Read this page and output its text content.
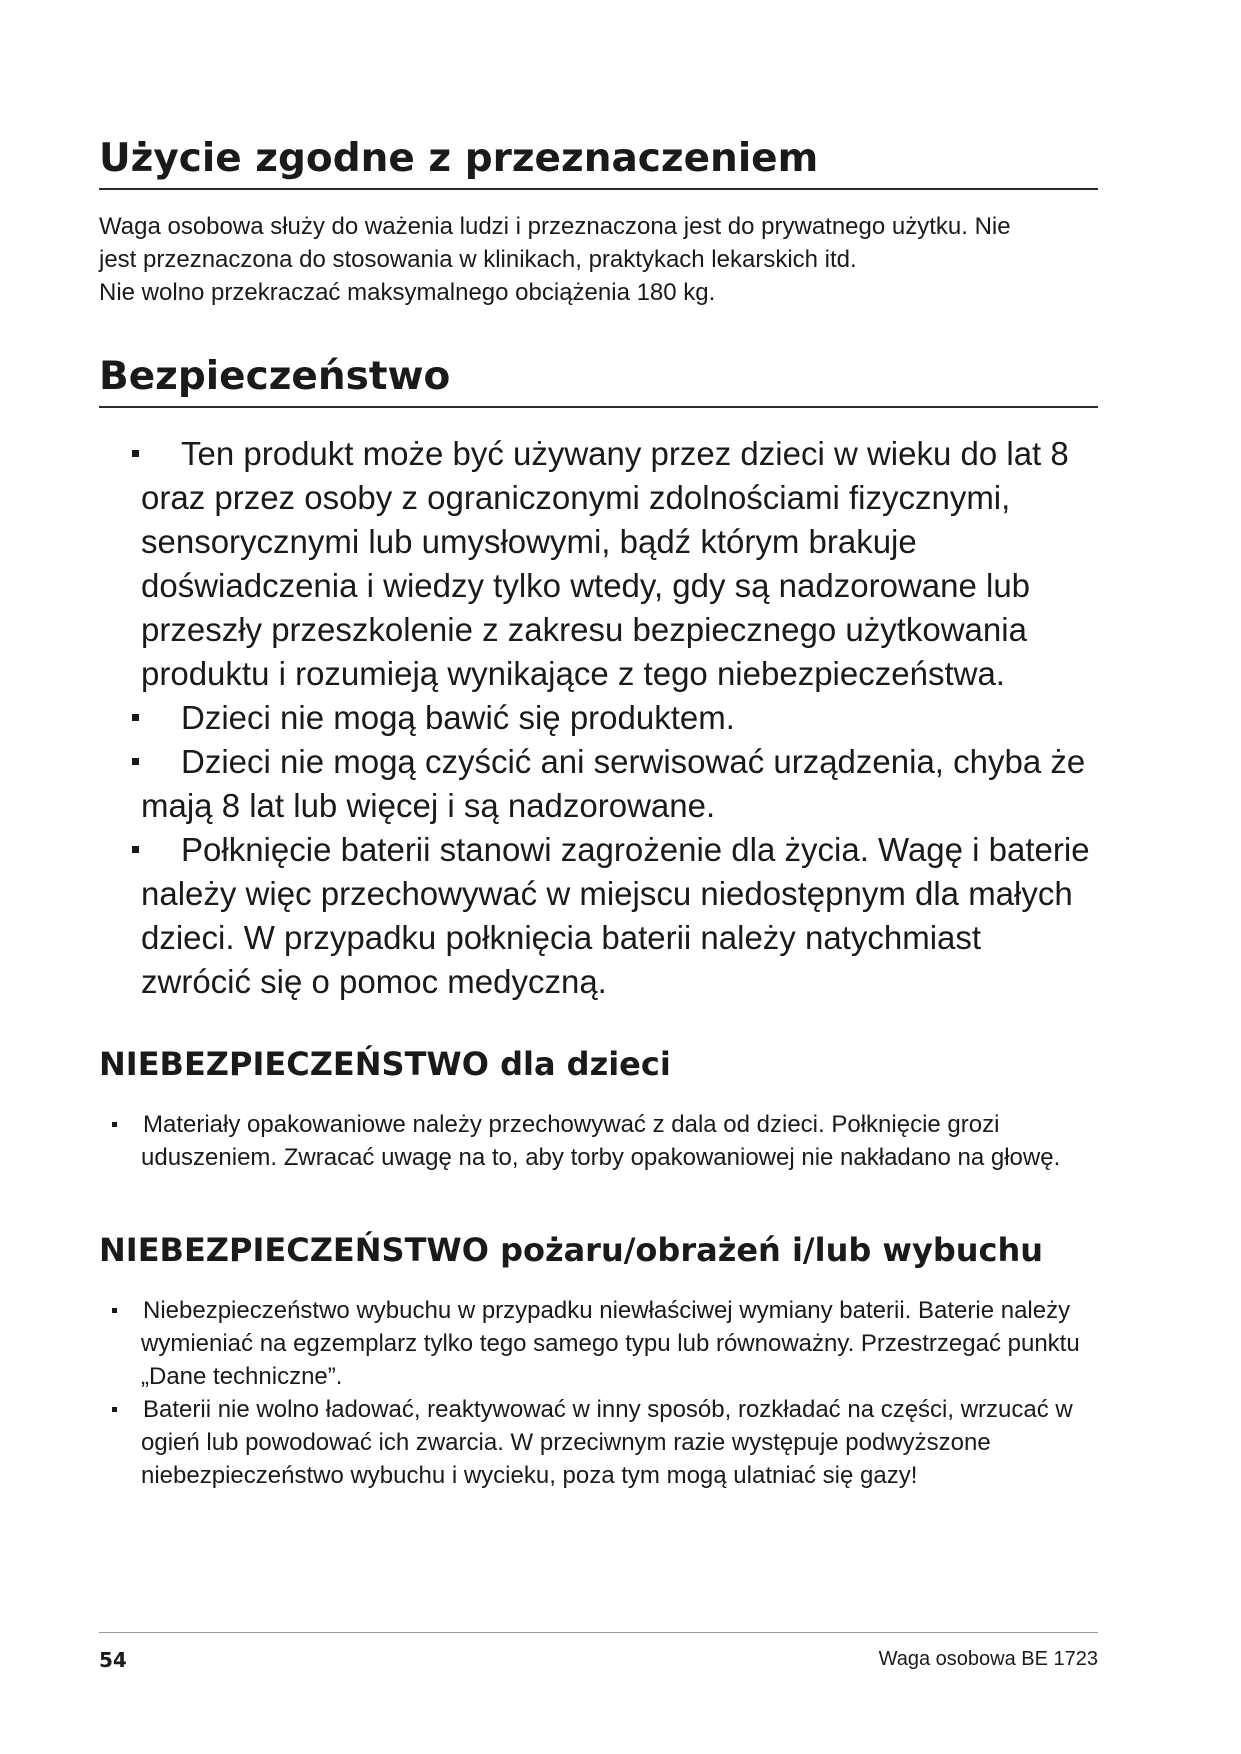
Użycie zgodne z przeznaczeniem

Waga osobowa służy do ważenia ludzi i przeznaczona jest do prywatnego użytku. Nie

jest przeznaczona do stosowania w klinikach, praktykach lekarskich itd.

Nie wolno przekraczać maksymalnego obciążenia 180 kg.

Bezpieczeństwo
Ten produkt może być używany przez dzieci w wieku do lat 8 oraz przez osoby z ograniczonymi zdolnościami fizycznymi, sensorycznymi lub umysłowymi, bądź którym brakuje doświadczenia i wiedzy tylko wtedy, gdy są nadzorowane lub przeszły przeszkolenie z zakresu bezpiecznego użytkowania produktu i rozumieją wynikające z tego niebezpieczeństwa.
Dzieci nie mogą bawić się produktem.
Dzieci nie mogą czyścić ani serwisować urządzenia, chyba że mają 8 lat lub więcej i są nadzorowane.
Połknięcie baterii stanowi zagrożenie dla życia. Wagę i baterie należy więc przechowywać w miejscu niedostępnym dla małych dzieci. W przypadku połknięcia baterii należy natychmiast zwrócić się o pomoc medyczną.
NIEBEZPIECZEŃSTWO dla dzieci
Materiały opakowaniowe należy przechowywać z dala od dzieci. Połknięcie grozi uduszeniem. Zwracać uwagę na to, aby torby opakowaniowej nie nakładano na głowę.
NIEBEZPIECZEŃSTWO pożaru/obrażeń i/lub wybuchu
Niebezpieczeństwo wybuchu w przypadku niewłaściwej wymiany baterii. Baterie należy wymieniać na egzemplarz tylko tego samego typu lub równoważny. Przestrzegać punktu „Dane techniczne”.
Baterii nie wolno ładować, reaktywować w inny sposób, rozkładać na części, wrzucać w ogień lub powodować ich zwarcia. W przeciwnym razie występuje podwyższone niebezpieczeństwo wybuchu i wycieku, poza tym mogą ulatniać się gazy!
54	Waga osobowa BE 1723
